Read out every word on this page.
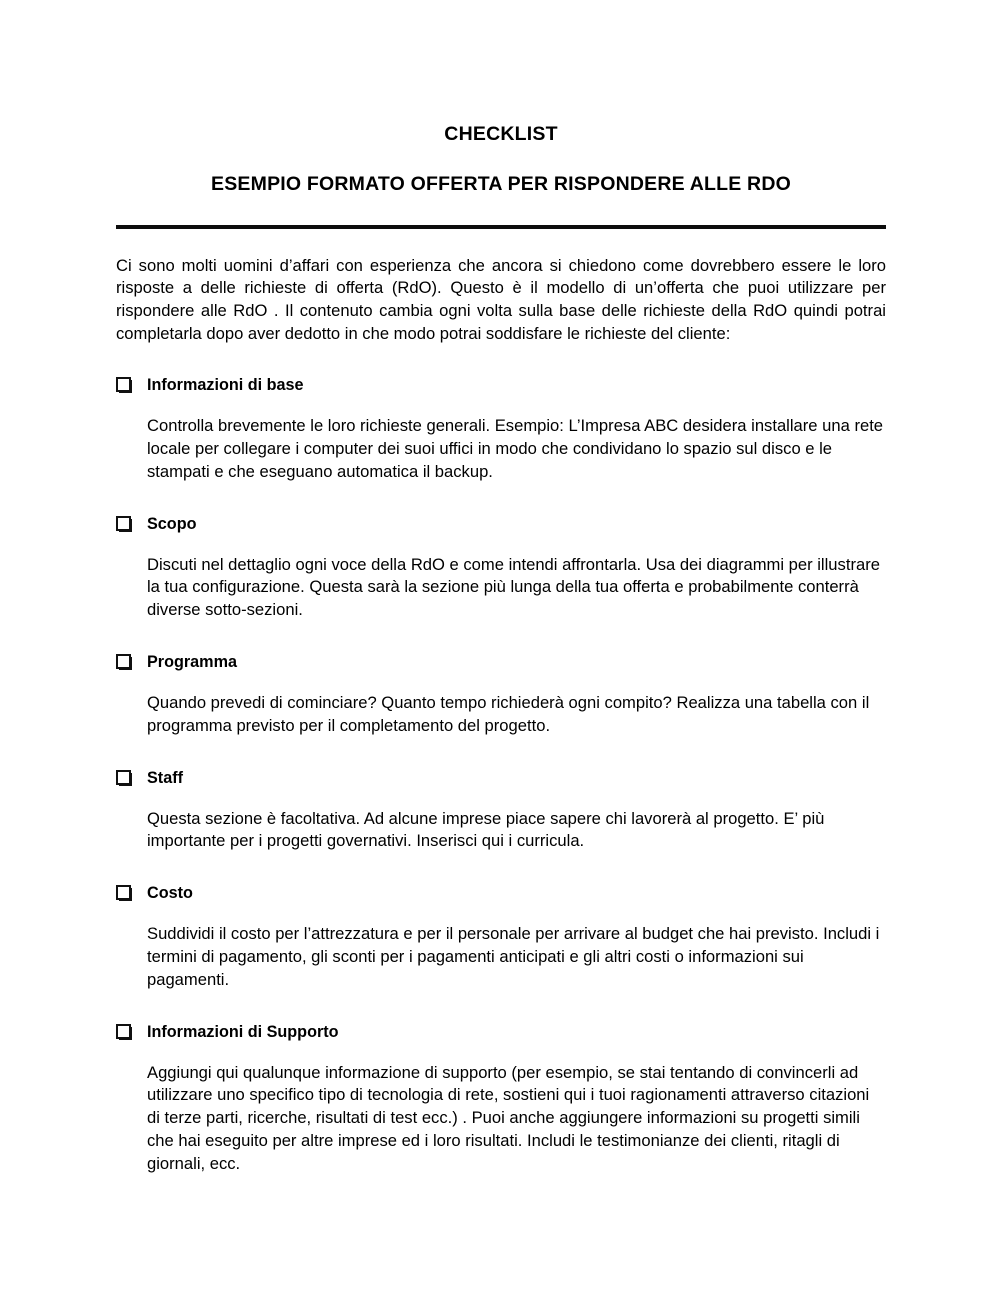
CHECKLIST
ESEMPIO FORMATO OFFERTA PER RISPONDERE ALLE RDO

Ci sono molti uomini d’affari con esperienza che ancora si chiedono come dovrebbero essere le loro risposte a delle richieste di offerta (RdO). Questo è il modello di un’offerta che puoi utilizzare per rispondere alle RdO . Il contenuto cambia ogni volta sulla base delle richieste della RdO quindi potrai completarla dopo aver dedotto in che modo potrai soddisfare le richieste del cliente:

Informazioni di base

Controlla brevemente le loro richieste generali. Esempio: L’Impresa ABC desidera installare una rete locale per collegare i computer dei suoi uffici in modo che condividano lo spazio sul disco e le stampati e che eseguano automatica il backup.

Scopo

Discuti nel dettaglio ogni voce della RdO e come intendi affrontarla. Usa dei diagrammi per illustrare la tua configurazione. Questa sarà la sezione più lunga della tua offerta e probabilmente conterrà diverse sotto-sezioni.

Programma

Quando prevedi di cominciare? Quanto tempo richiederà ogni compito? Realizza una tabella con il programma previsto per il completamento del progetto.

Staff

Questa sezione è facoltativa. Ad alcune imprese piace sapere chi lavorerà al progetto. E’ più importante per i progetti governativi. Inserisci qui i curricula.

Costo

Suddividi il costo per l’attrezzatura e per il personale per arrivare al budget che hai previsto. Includi i termini di pagamento, gli sconti per i pagamenti anticipati e gli altri costi o informazioni sui pagamenti.

Informazioni di Supporto

Aggiungi qui qualunque informazione di supporto (per esempio, se stai tentando di convincerli ad utilizzare uno specifico tipo di tecnologia di rete, sostieni qui i tuoi ragionamenti attraverso citazioni di terze parti, ricerche, risultati di test ecc.) . Puoi anche aggiungere informazioni su progetti simili che hai eseguito per altre imprese ed i loro risultati. Includi le testimonianze dei clienti, ritagli di giornali, ecc.
